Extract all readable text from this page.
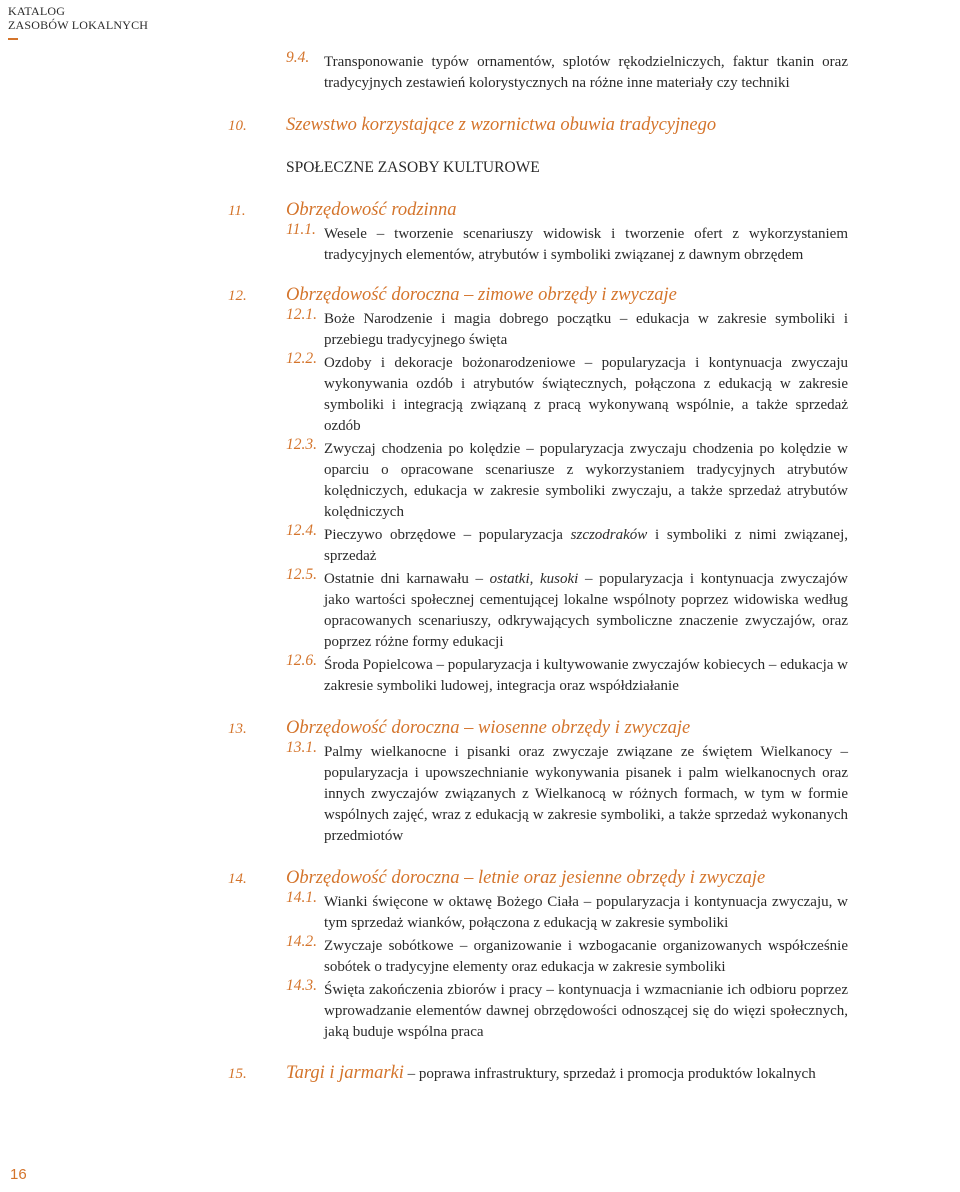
KATALOG
ZASOBÓW LOKALNYCH
9.4. Transponowanie typów ornamentów, splotów rękodzielniczych, faktur tkanin oraz tradycyjnych zestawień kolorystycznych na różne inne materiały czy techniki
10.	Szewstwo korzystające z wzornictwa obuwia tradycyjnego
SPOŁECZNE ZASOBY KULTUROWE
11.	Obrzędowość rodzinna
11.1. Wesele – tworzenie scenariuszy widowisk i tworzenie ofert z wykorzystaniem tradycyjnych elementów, atrybutów i symboliki związanej z dawnym obrzędem
12.	Obrzędowość doroczna – zimowe obrzędy i zwyczaje
12.1. Boże Narodzenie i magia dobrego początku – edukacja w zakresie symboliki i przebiegu tradycyjnego święta
12.2. Ozdoby i dekoracje bożonarodzeniowe – popularyzacja i kontynuacja zwyczaju wykonywania ozdób i atrybutów świątecznych, połączona z edukacją w zakresie symboliki i integracją związaną z pracą wykonywaną wspólnie, a także sprzedaż ozdób
12.3. Zwyczaj chodzenia po kolędzie – popularyzacja zwyczaju chodzenia po kolędzie w oparciu o opracowane scenariusze z wykorzystaniem tradycyjnych atrybutów kolędniczych, edukacja w zakresie symboliki zwyczaju, a także sprzedaż atrybutów kolędniczych
12.4. Pieczywo obrzędowe – popularyzacja szczodraków i symboliki z nimi związanej, sprzedaż
12.5. Ostatnie dni karnawału – ostatki, kusoki – popularyzacja i kontynuacja zwyczajów jako wartości społecznej cementującej lokalne wspólnoty poprzez widowiska według opracowanych scenariuszy, odkrywających symboliczne znaczenie zwyczajów, oraz poprzez różne formy edukacji
12.6. Środa Popielcowa – popularyzacja i kultywowanie zwyczajów kobiecych – edukacja w zakresie symboliki ludowej, integracja oraz współdziałanie
13.	Obrzędowość doroczna – wiosenne obrzędy i zwyczaje
13.1. Palmy wielkanocne i pisanki oraz zwyczaje związane ze świętem Wielkanocy – popularyzacja i upowszechnianie wykonywania pisanek i palm wielkanocnych oraz innych zwyczajów związanych z Wielkanocą w różnych formach, w tym w formie wspólnych zajęć, wraz z edukacją w zakresie symboliki, a także sprzedaż wykonanych przedmiotów
14.	Obrzędowość doroczna – letnie oraz jesienne obrzędy i zwyczaje
14.1. Wianki święcone w oktawę Bożego Ciała – popularyzacja i kontynuacja zwyczaju, w tym sprzedaż wianków, połączona z edukacją w zakresie symboliki
14.2. Zwyczaje sobótkowe – organizowanie i wzbogacanie organizowanych współcześnie sobótek o tradycyjne elementy oraz edukacja w zakresie symboliki
14.3. Święta zakończenia zbiorów i pracy – kontynuacja i wzmacnianie ich odbioru poprzez wprowadzanie elementów dawnej obrzędowości odnoszącej się do więzi społecznych, jaką buduje wspólna praca
15.	Targi i jarmarki – poprawa infrastruktury, sprzedaż i promocja produktów lokalnych
16
